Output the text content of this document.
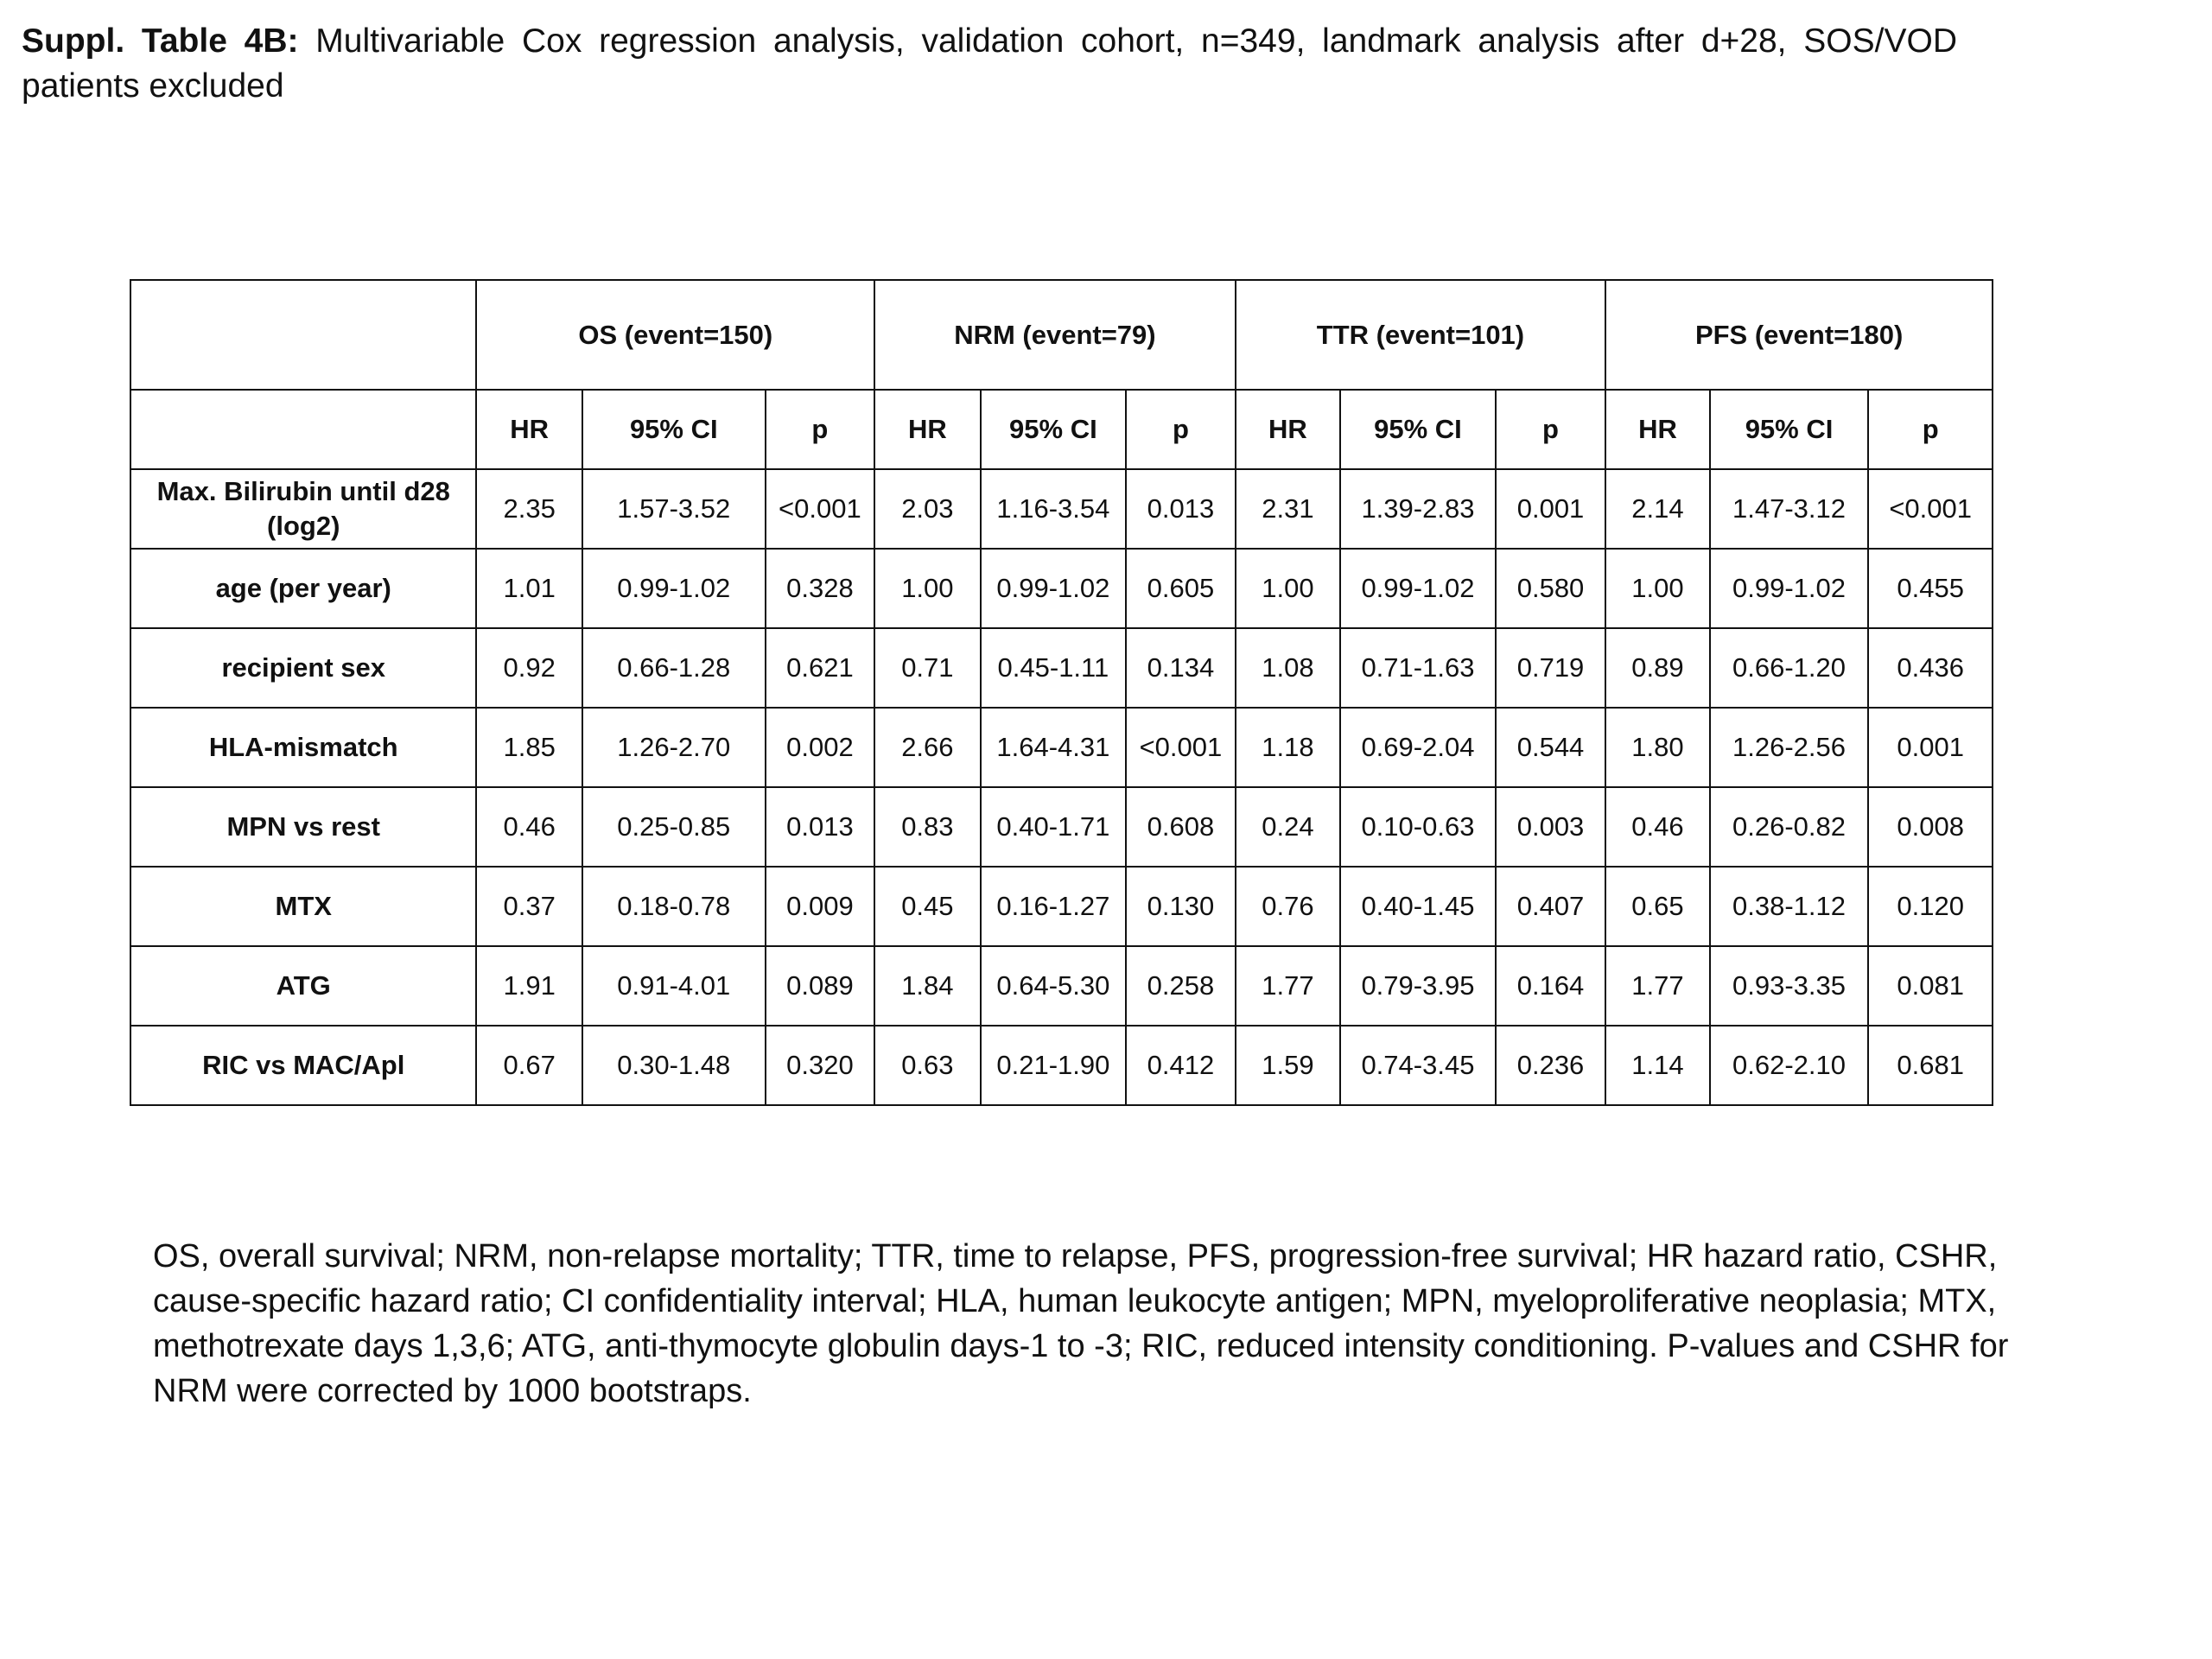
Suppl. Table 4B: Multivariable Cox regression analysis, validation cohort, n=349, landmark analysis after d+28, SOS/VOD patients excluded
	OS (event=150)			NRM (event=79)			TTR (event=101)			PFS (event=180)		
	HR	95% CI	p	HR	95% CI	p	HR	95% CI	p	HR	95% CI	p
Max. Bilirubin until d28 (log2)	2.35	1.57-3.52	<0.001	2.03	1.16-3.54	0.013	2.31	1.39-2.83	0.001	2.14	1.47-3.12	<0.001
age (per year)	1.01	0.99-1.02	0.328	1.00	0.99-1.02	0.605	1.00	0.99-1.02	0.580	1.00	0.99-1.02	0.455
recipient sex	0.92	0.66-1.28	0.621	0.71	0.45-1.11	0.134	1.08	0.71-1.63	0.719	0.89	0.66-1.20	0.436
HLA-mismatch	1.85	1.26-2.70	0.002	2.66	1.64-4.31	<0.001	1.18	0.69-2.04	0.544	1.80	1.26-2.56	0.001
MPN vs rest	0.46	0.25-0.85	0.013	0.83	0.40-1.71	0.608	0.24	0.10-0.63	0.003	0.46	0.26-0.82	0.008
MTX	0.37	0.18-0.78	0.009	0.45	0.16-1.27	0.130	0.76	0.40-1.45	0.407	0.65	0.38-1.12	0.120
ATG	1.91	0.91-4.01	0.089	1.84	0.64-5.30	0.258	1.77	0.79-3.95	0.164	1.77	0.93-3.35	0.081
RIC vs MAC/Apl	0.67	0.30-1.48	0.320	0.63	0.21-1.90	0.412	1.59	0.74-3.45	0.236	1.14	0.62-2.10	0.681
OS, overall survival; NRM, non-relapse mortality; TTR, time to relapse, PFS, progression-free survival; HR hazard ratio, CSHR, cause-specific hazard ratio; CI confidentiality interval; HLA, human leukocyte antigen; MPN, myeloproliferative neoplasia; MTX, methotrexate days 1,3,6; ATG, anti-thymocyte globulin days-1 to -3; RIC, reduced intensity conditioning. P-values and CSHR for NRM were corrected by 1000 bootstraps.
